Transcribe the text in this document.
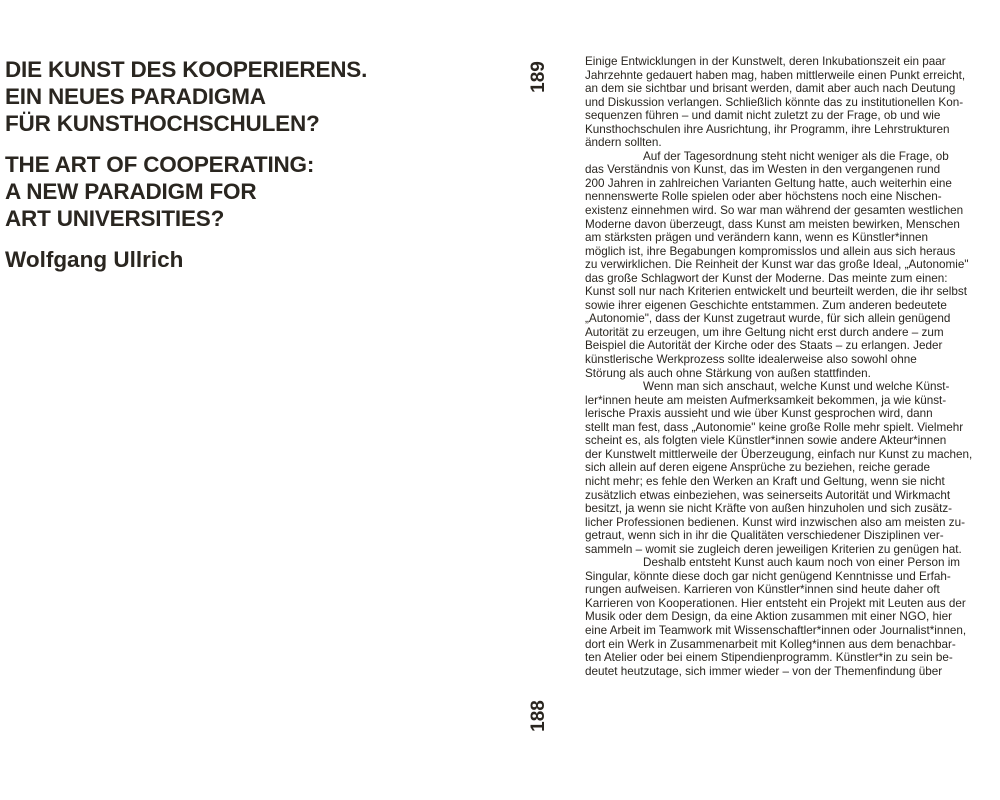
DIE KUNST DES KOOPERIERENS.
EIN NEUES PARADIGMA
FÜR KUNSTHOCHSCHULEN?
THE ART OF COOPERATING:
A NEW PARADIGM FOR
ART UNIVERSITIES?

Wolfgang Ullrich

189
188
Einige Entwicklungen in der Kunstwelt, deren Inkubationszeit ein paar
Jahrzehnte gedauert haben mag, haben mittlerweile einen Punkt erreicht,
an dem sie sichtbar und brisant werden, damit aber auch nach Deutung
und Diskussion verlangen. Schließlich könnte das zu institutionellen Kon-
sequenzen führen – und damit nicht zuletzt zu der Frage, ob und wie
Kunsthochschulen ihre Ausrichtung, ihr Programm, ihre Lehrstrukturen
ändern sollten.
Auf der Tagesordnung steht nicht weniger als die Frage, ob
das Verständnis von Kunst, das im Westen in den vergangenen rund
200 Jahren in zahlreichen Varianten Geltung hatte, auch weiterhin eine
nennenswerte Rolle spielen oder aber höchstens noch eine Nischen-
existenz einnehmen wird. So war man während der gesamten westlichen
Moderne davon überzeugt, dass Kunst am meisten bewirken, Menschen
am stärksten prägen und verändern kann, wenn es Künstler*innen
möglich ist, ihre Begabungen kompromisslos und allein aus sich heraus
zu verwirklichen. Die Reinheit der Kunst war das große Ideal, „Autonomie"
das große Schlagwort der Kunst der Moderne. Das meinte zum einen:
Kunst soll nur nach Kriterien entwickelt und beurteilt werden, die ihr selbst
sowie ihrer eigenen Geschichte entstammen. Zum anderen bedeutete
„Autonomie", dass der Kunst zugetraut wurde, für sich allein genügend
Autorität zu erzeugen, um ihre Geltung nicht erst durch andere – zum
Beispiel die Autorität der Kirche oder des Staats – zu erlangen. Jeder
künstlerische Werkprozess sollte idealerweise also sowohl ohne
Störung als auch ohne Stärkung von außen stattfinden.
Wenn man sich anschaut, welche Kunst und welche Künst-
ler*innen heute am meisten Aufmerksamkeit bekommen, ja wie künst-
lerische Praxis aussieht und wie über Kunst gesprochen wird, dann
stellt man fest, dass „Autonomie" keine große Rolle mehr spielt. Vielmehr
scheint es, als folgten viele Künstler*innen sowie andere Akteur*innen
der Kunstwelt mittlerweile der Überzeugung, einfach nur Kunst zu machen,
sich allein auf deren eigene Ansprüche zu beziehen, reiche gerade
nicht mehr; es fehle den Werken an Kraft und Geltung, wenn sie nicht
zusätzlich etwas einbeziehen, was seinerseits Autorität und Wirkmacht
besitzt, ja wenn sie nicht Kräfte von außen hinzuholen und sich zusätz-
licher Professionen bedienen. Kunst wird inzwischen also am meisten zu-
getraut, wenn sich in ihr die Qualitäten verschiedener Disziplinen ver-
sammeln – womit sie zugleich deren jeweiligen Kriterien zu genügen hat.
Deshalb entsteht Kunst auch kaum noch von einer Person im
Singular, könnte diese doch gar nicht genügend Kenntnisse und Erfah-
rungen aufweisen. Karrieren von Künstler*innen sind heute daher oft
Karrieren von Kooperationen. Hier entsteht ein Projekt mit Leuten aus der
Musik oder dem Design, da eine Aktion zusammen mit einer NGO, hier
eine Arbeit im Teamwork mit Wissenschaftler*innen oder Journalist*innen,
dort ein Werk in Zusammenarbeit mit Kolleg*innen aus dem benachbar-
ten Atelier oder bei einem Stipendienprogramm. Künstler*in zu sein be-
deutet heutzutage, sich immer wieder – von der Themenfindung über
